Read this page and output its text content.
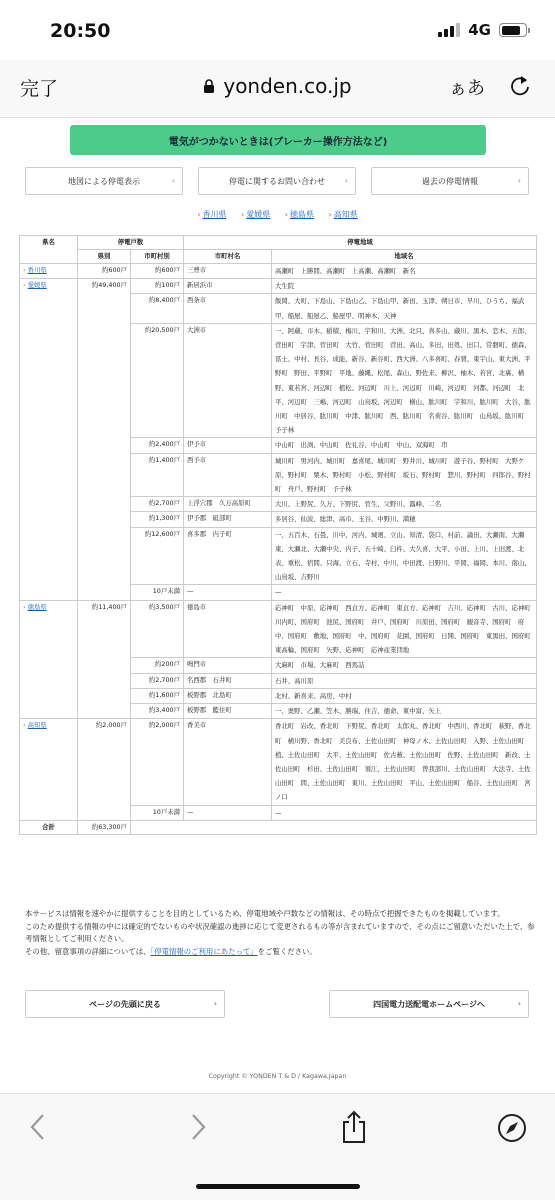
20:50	4G
完了	yonden.co.jp	ぁあ
電気がつかないときは(ブレーカー操作方法など)
地図による停電表示	›	停電に関するお問い合わせ ›	過去の停電情報	›
› 香川県 › 愛媛県 › 徳島県 › 高知県
県名	停電戸数		停電地域	
	県別	市町村別	市町村名	地域名
› 香川県	約600戸	約600戸	三豊市	高瀬町　上勝間、高瀬町　上高瀬、高瀬町　新名
› 愛媛県	約49,400戸	約100戸	新居浜市	大生院
		約8,400戸	西条市	飯岡、大町、下島山、下島山乙、下島山甲、新田、玉津、朔日市、早川、ひうち、福武甲、船屋、船屋乙、船屋甲、明神木、天神
		約20,500戸	大洲市	一、阿蔵、市木、稲積、梅川、宇和川、大洲、北只、喜多山、蔵川、黒木、恋木、五郎、菅田町　宇津、菅田町　大竹、菅田町　菅田、高山、多田、田処、田口、常磐町、徳森、冨士、中村、長谷、成能、新谷、新谷町、西大洲、八多喜町、春賀、東宇山、東大洲、平野町　野田、平野町　平地、藤縄、松尾、森山、野佐来、柳沢、柚木、若宮、北裏、横野、東若宮、河辺町　植松、河辺町　川上、河辺町　川崎、河辺町　河都、河辺町　北平、河辺町　三嶋、河辺町　山鳥坂、河辺町　横山、肱川町　宇和川、肱川町　大谷、肱川町　中居谷、肱川町　中津、肱川町　西、肱川町　名荷谷、肱川町　山鳥坂、肱川町　予子林
		約2,400戸	伊予市	中山町　出渕、中山町　佐礼谷、中山町　中山、双海町　串
		約1,400戸	西予市	城川町　男河内、城川町　嘉喜尾、城川町　野井川、城川町　遊子谷、野村町　大野ケ原、野村町　栗木、野村町　小松、野村町　坂石、野村町　惣川、野村町　四郎谷、野村町　舟戸、野村町　予子林
		約2,700戸	上浮穴郡　久万高原町	大川、上野尻、久万、下野尻、菅生、父野川、露峰、二名
		約1,300戸	伊予郡　砥部町	多居谷、仙波、総津、高市、玉谷、中野川、満穂
		約12,600戸	喜多郡　内子町	一、五百木、石畳、川中、河内、城廻、立山、知清、袋口、村前、論田、大瀬南、大瀬東、大瀬北、大瀬中央、内子、五十崎、臼杵、大久喜、大平、小田、上川、上田渡、北表、重松、宿間、只海、立石、寺村、中川、中田渡、日野川、平岡、福岡、本川、南山、山鳥坂、吉野川
		10戸未満	—	—
› 徳島県	約11,400戸	約3,500戸	徳島市	応神町　中原、応神町　西貞方、応神町　東貞方、応神町　吉川、応神町　古川、応神町　川内町、国府町　池尻、国府町　井戸、国府町　川原田、国府町　観音寺、国府町　府中、国府町　敷地、国府町　中、国府町　花園、国府町　日開、国府町　東黒田、国府町　東高輪、国府町　矢野、応神町　応神産業団地
		約200戸	鳴門市	大麻町　市場、大麻町　西馬詰
		約2,700戸	名西郡　石井町	石井、高川原
		約1,600戸	板野郡　北島町	北村、新喜来、高房、中村
		約3,400戸	板野郡　藍住町	一、奥野、乙瀬、笠木、勝瑞、住吉、徳命、東中富、矢上
› 高知県	約2,000戸	約2,000戸	香美市	香北町　岩改、香北町　下野尻、香北町　太郎丸、香北町　中西川、香北町　萩野、香北町　横川野、香北町　美良布、土佐山田町　神母ノ木、土佐山田町　入野、土佐山田町　植、土佐山田町　大平、土佐山田町　佐古薮、土佐山田町　佐野、土佐山田町　新改、土佐山田町　杉田、土佐山田町　須江、土佐山田町　曽我部川、土佐山田町　大法寺、土佐山田町　間、土佐山田町　東川、土佐山田町　平山、土佐山田町　船谷、土佐山田町　宮ノ口
		10戸未満	—	—
合計	約63,300戸			

本サービスは情報を速やかに提供することを目的としているため、停電地域や戸数などの情報は、その時点で把握できたものを掲載しています。

このため提供する情報の中には確定的でないものや状況確認の進捗に応じて変更されるもの等が含まれていますので、その点にご留意いただいた上で、参考情報としてご利用ください。

その他、留意事項の詳細については、「停電情報のご利用にあたって」をご覧ください。

ページの先頭に戻る	›	四国電力送配電ホームページへ	›
Copyright © YONDEN T & D / Kagawa,Japan
